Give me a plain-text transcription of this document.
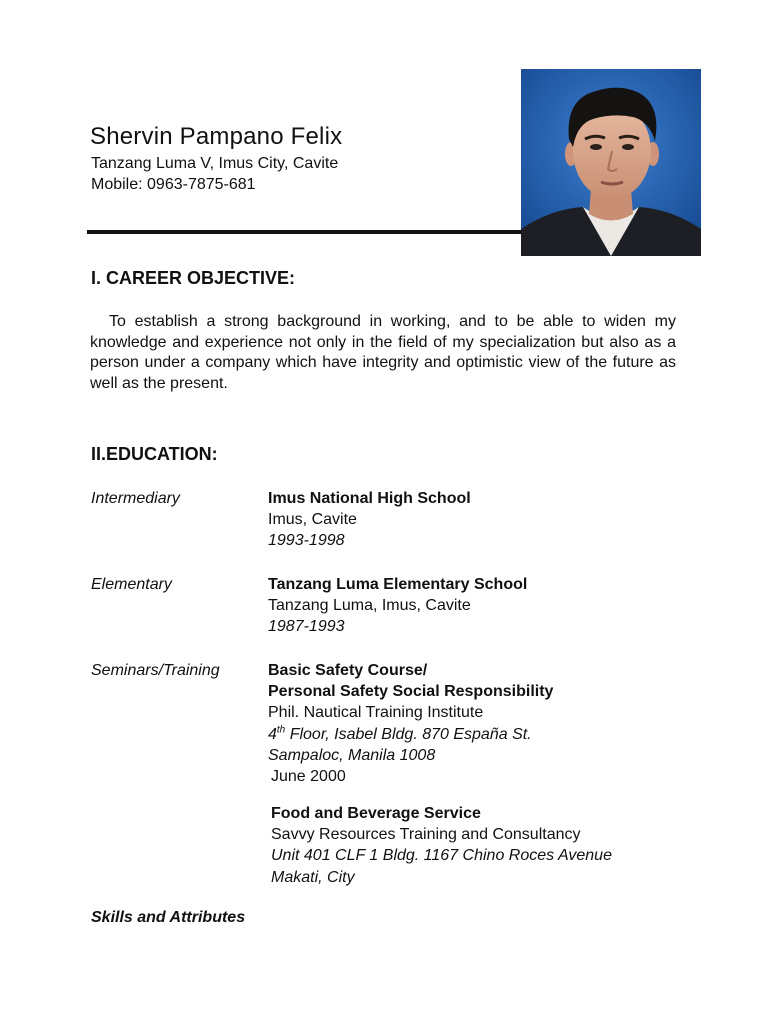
Shervin Pampano Felix
Tanzang Luma V, Imus City, Cavite
Mobile: 0963-7875-681
I. CAREER OBJECTIVE:
To establish a strong background in working, and to be able to widen my knowledge and experience not only in the field of my specialization but also as a person under a company which have integrity and optimistic view of the future as well as the present.
II.EDUCATION:
Intermediary	Imus National High School
Imus, Cavite
1993-1998
Elementary	Tanzang Luma Elementary School
Tanzang Luma, Imus, Cavite
1987-1993
Seminars/Training	Basic Safety Course/
Personal Safety Social Responsibility
Phil. Nautical Training Institute
4th Floor, Isabel Bldg. 870 España St.
Sampaloc, Manila 1008
June 2000
Food and Beverage Service
Savvy Resources Training and Consultancy
Unit 401 CLF 1 Bldg. 1167 Chino Roces Avenue
Makati, City
Skills and Attributes
